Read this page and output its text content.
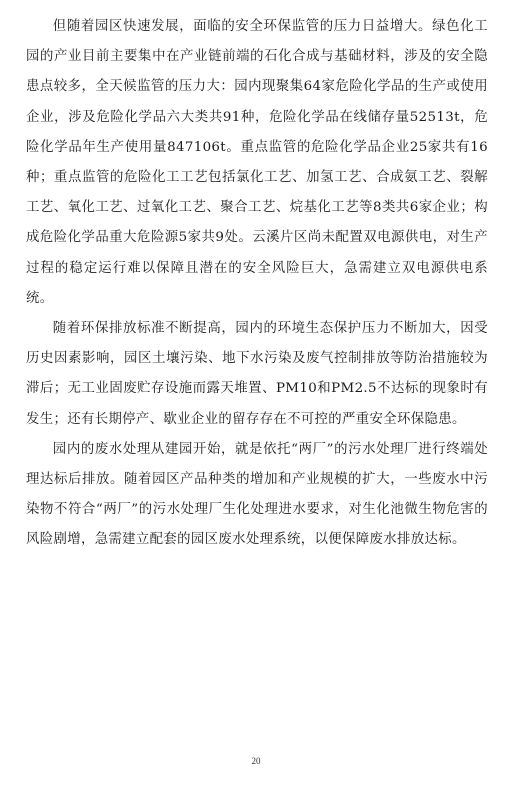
但随着园区快速发展，面临的安全环保监管的压力日益增大。绿色化工园的产业目前主要集中在产业链前端的石化合成与基础材料，涉及的安全隐患点较多，全天候监管的压力大：园内现聚集64家危险化学品的生产或使用企业，涉及危险化学品六大类共91种，危险化学品在线储存量52513t，危险化学品年生产使用量847106t。重点监管的危险化学品企业25家共有16种；重点监管的危险化工工艺包括氯化工艺、加氢工艺、合成氨工艺、裂解工艺、氧化工艺、过氧化工艺、聚合工艺、烷基化工艺等8类共6家企业；构成危险化学品重大危险源5家共9处。云溪片区尚未配置双电源供电，对生产过程的稳定运行难以保障且潜在的安全风险巨大，急需建立双电源供电系统。

随着环保排放标准不断提高，园内的环境生态保护压力不断加大，因受历史因素影响，园区土壤污染、地下水污染及废气控制排放等防治措施较为滞后；无工业固废贮存设施而露天堆置、PM10和PM2.5不达标的现象时有发生；还有长期停产、歇业企业的留存存在不可控的严重安全环保隐患。

园内的废水处理从建园开始，就是依托“两厂”的污水处理厂进行终端处理达标后排放。随着园区产品种类的增加和产业规模的扩大，一些废水中污染物不符合“两厂”的污水处理厂生化处理进水要求，对生化池微生物危害的风险剧增，急需建立配套的园区废水处理系统，以便保障废水排放达标。

20
